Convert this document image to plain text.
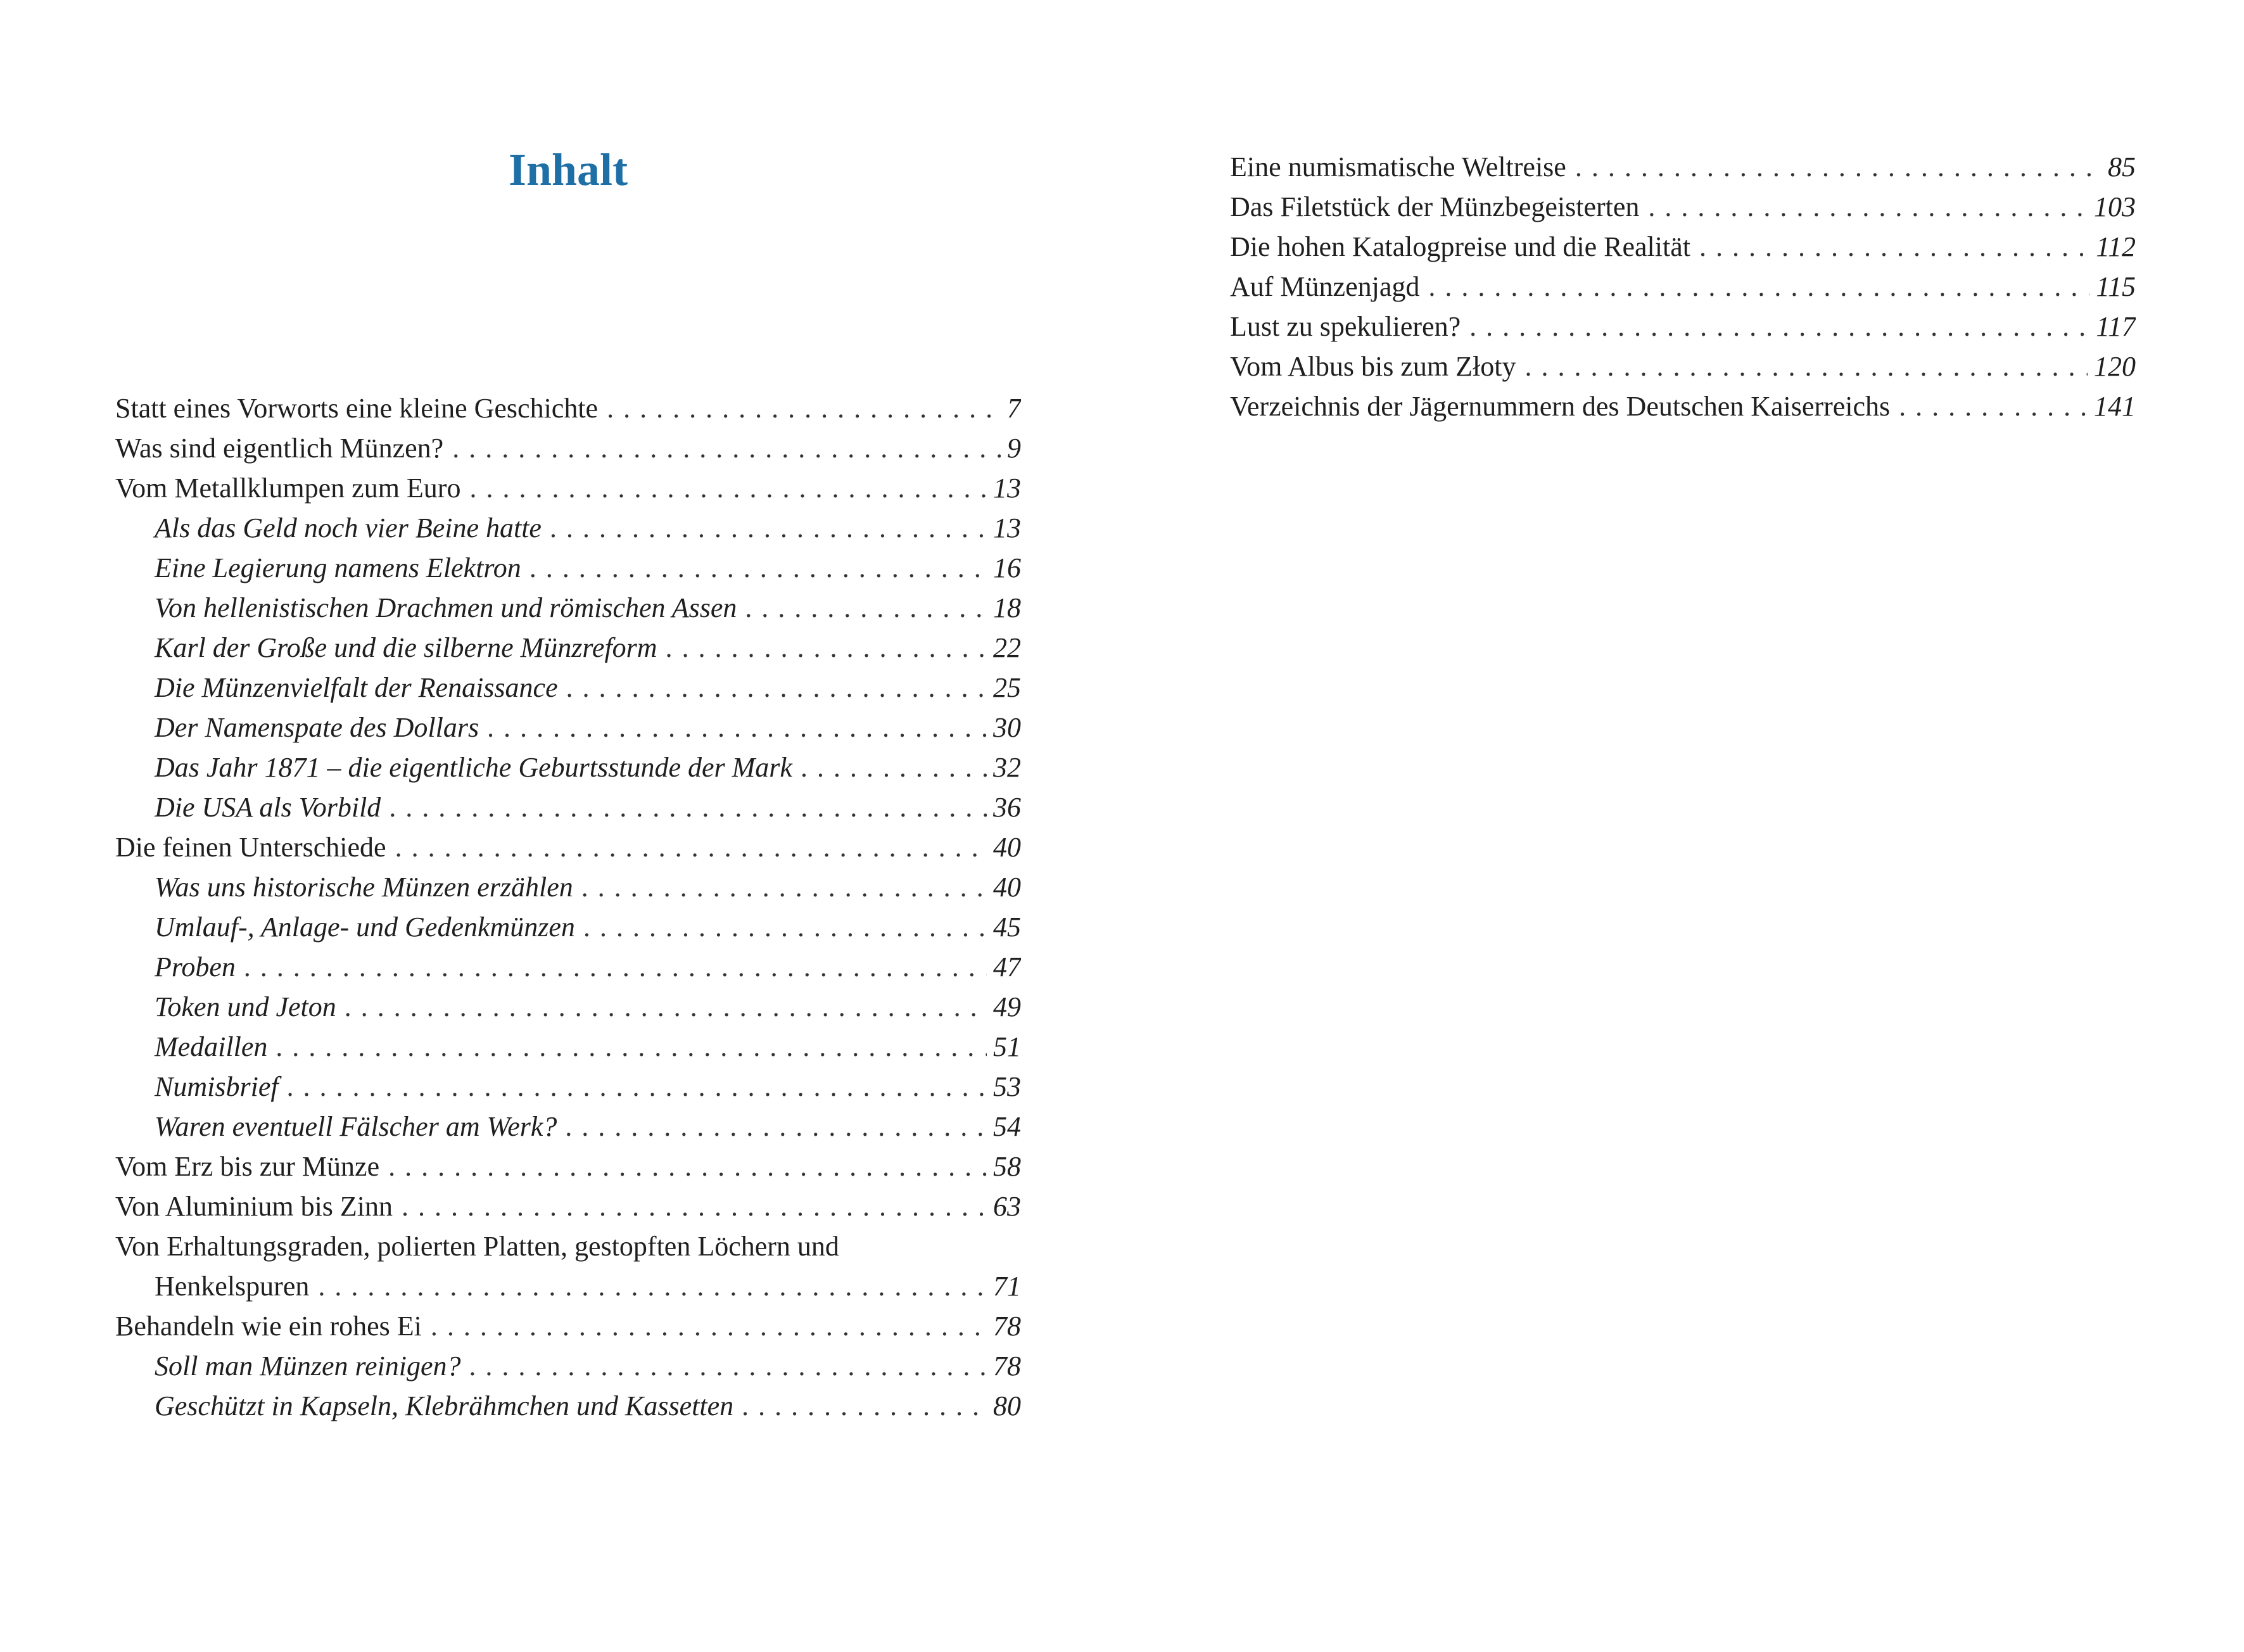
Inhalt
Statt eines Vorworts eine kleine Geschichte . . .	7
Was sind eigentlich Münzen? . . .	9
Vom Metallklumpen zum Euro . . .	13
Als das Geld noch vier Beine hatte . . .	13
Eine Legierung namens Elektron . . .	16
Von hellenistischen Drachmen und römischen Assen . . .	18
Karl der Große und die silberne Münzreform . . .	22
Die Münzenvielfalt der Renaissance . . .	25
Der Namenspate des Dollars . . .	30
Das Jahr 1871 – die eigentliche Geburtsstunde der Mark . . .	32
Die USA als Vorbild . . .	36
Die feinen Unterschiede . . .	40
Was uns historische Münzen erzählen . . .	40
Umlauf-, Anlage- und Gedenkmünzen . . .	45
Proben . . .	47
Token und Jeton . . .	49
Medaillen . . .	51
Numisbrief . . .	53
Waren eventuell Fälscher am Werk? . . .	54
Vom Erz bis zur Münze . . .	58
Von Aluminium bis Zinn . . .	63
Von Erhaltungsgraden, polierten Platten, gestopften Löchern und
Henkelspuren . . .	71
Behandeln wie ein rohes Ei . . .	78
Soll man Münzen reinigen? . . .	78
Geschützt in Kapseln, Klebrähmchen und Kassetten . . .	80
Eine numismatische Weltreise . . .	85
Das Filetstück der Münzbegeisterten . . .	103
Die hohen Katalogpreise und die Realität . . .	112
Auf Münzenjagd . . .	115
Lust zu spekulieren? . . .	117
Vom Albus bis zum Złoty . . .	120
Verzeichnis der Jägernummern des Deutschen Kaiserreichs . . .	141
